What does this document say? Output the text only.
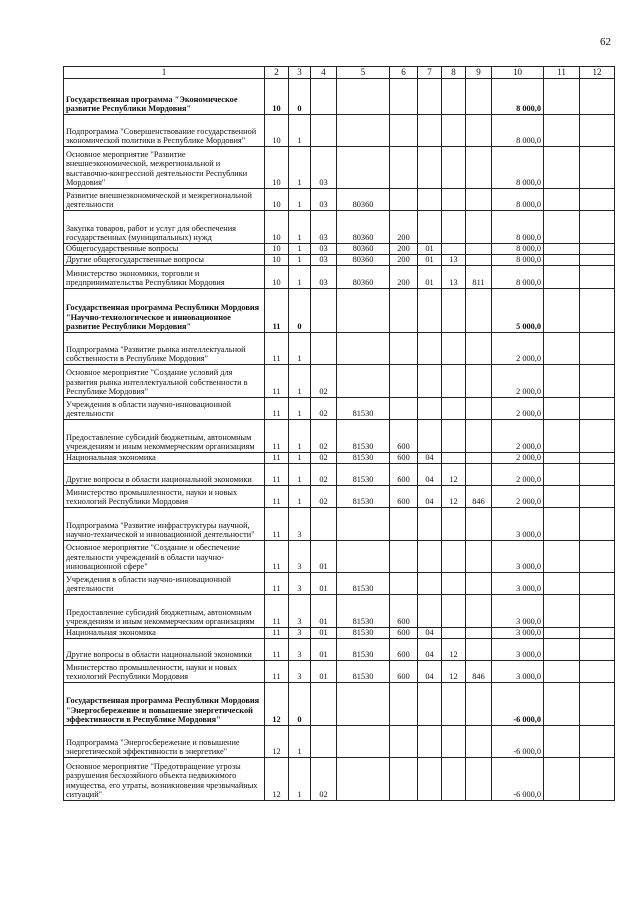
62
1	2	3	4	5	6	7	8	9	10	11	12
Государственная программа "Экономическое развитие Республики Мордовия"	10	0							8 000,0		
Подпрограмма "Совершенствование государственной экономической политики в Республике Мордовия"	10	1							8 000,0		
Основное мероприятие "Развитие внешнеэкономической, межрегиональной и выставочно-конгрессной деятельности Республики Мордовия"	10	1	03						8 000,0		
Развитие внешнеэкономической и межрегиональной деятельности	10	1	03	80360					8 000,0		
Закупка товаров, работ и услуг для обеспечения государственных (муниципальных) нужд	10	1	03	80360	200				8 000,0		
Общегосударственные вопросы	10	1	03	80360	200	01			8 000,0		
Другие общегосударственные вопросы	10	1	03	80360	200	01	13		8 000,0		
Министерство экономики, торговли и предпринимательства Республики Мордовия	10	1	03	80360	200	01	13	811	8 000,0		
Государственная программа Республики Мордовия "Научно-технологическое и инновационное развитие Республики Мордовия"	11	0							5 000,0		
Подпрограмма "Развитие рынка интеллектуальной собственности в Республике Мордовия"	11	1							2 000,0		
Основное мероприятие "Создание условий для развития рынка интеллектуальной собственности в Республике Мордовия"	11	1	02						2 000,0		
Учреждения в области научно-инновационной деятельности	11	1	02	81530					2 000,0		
Предоставление субсидий бюджетным, автономным учреждениям и иным некоммерческим организациям	11	1	02	81530	600				2 000,0		
Национальная экономика	11	1	02	81530	600	04			2 000,0		
Другие вопросы в области национальной экономики	11	1	02	81530	600	04	12		2 000,0		
Министерство промышленности, науки и новых технологий Республики Мордовия	11	1	02	81530	600	04	12	846	2 000,0		
Подпрограмма "Развитие инфраструктуры научной, научно-технической и инновационной деятельности"	11	3							3 000,0		
Основное мероприятие "Создание и обеспечение деятельности учреждений в области научно-инновационной сфере"	11	3	01						3 000,0		
Учреждения в области научно-инновационной деятельности	11	3	01	81530					3 000,0		
Предоставление субсидий бюджетным, автономным учреждениям и иным некоммерческим организациям	11	3	01	81530	600				3 000,0		
Национальная экономика	11	3	01	81530	600	04			3 000,0		
Другие вопросы в области национальной экономики	11	3	01	81530	600	04	12		3 000,0		
Министерство промышленности, науки и новых технологий Республики Мордовия	11	3	01	81530	600	04	12	846	3 000,0		
Государственная программа Республики Мордовия "Энергосбережение и повышение энергетической эффективности в Республике Мордовия"	12	0							-6 000,0		
Подпрограмма "Энергосбережение и повышение энергетической эффективности в энергетике"	12	1							-6 000,0		
Основное мероприятие "Предотвращение угрозы разрушения бесхозяйного объекта недвижимого имущества, его утраты, возникновения чрезвычайных ситуаций"	12	1	02						-6 000,0		
